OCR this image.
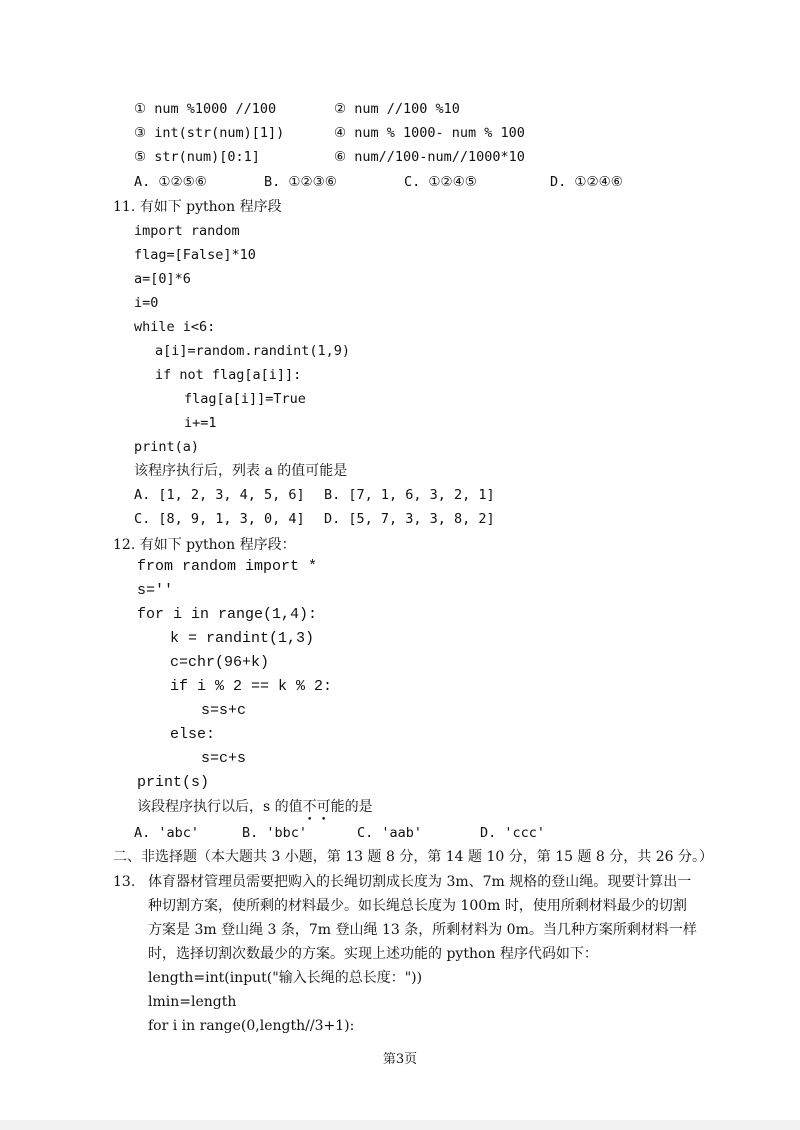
① num %1000 //100	② num //100 %10
③ int(str(num)[1])	④ num % 1000- num % 100
⑤ str(num)[0:1]	⑥ num//100-num//1000*10
A. ①②⑤⑥	B. ①②③⑥	C. ①②④⑤	D. ①②④⑥
11. 有如下 python 程序段
import random
flag=[False]*10
a=[0]*6
i=0
while i<6:
a[i]=random.randint(1,9)
if not flag[a[i]]:
flag[a[i]]=True
i+=1
print(a)
该程序执行后，列表 a 的值可能是
A. [1, 2, 3, 4, 5, 6] B. [7, 1, 6, 3, 2, 1]
C. [8, 9, 1, 3, 0, 4] D. [5, 7, 3, 3, 8, 2]
12. 有如下 python 程序段：
from random import *
s=''
for i in range(1,4):
k = randint(1,3)
c=chr(96+k)
if i % 2 == k % 2:
s=s+c
else:
s=c+s
print(s)
该段程序执行以后，s 的值不可能的是
A. 'abc'	B. 'bbc'	C. 'aab'	D. 'ccc'
二、非选择题（本大题共 3 小题，第 13 题 8 分，第 14 题 10 分，第 15 题 8 分，共 26 分。）
13. 体育器材管理员需要把购入的长绳切割成长度为 3m、7m 规格的登山绳。现要计算出一
种切割方案，使所剩的材料最少。如长绳总长度为 100m 时，使用所剩材料最少的切割
方案是 3m 登山绳 3 条，7m 登山绳 13 条，所剩材料为 0m。当几种方案所剩材料一样
时，选择切割次数最少的方案。实现上述功能的 python 程序代码如下：
length=int(input("输入长绳的总长度："))
lmin=length
for i in range(0,length//3+1):
第3页
